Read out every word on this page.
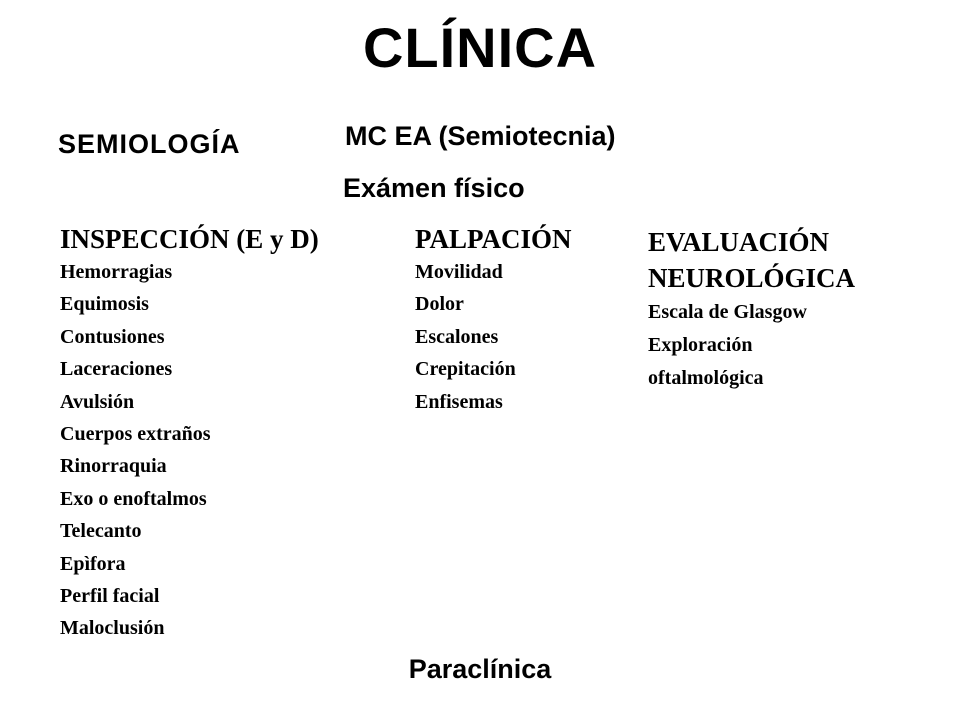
CLÍNICA
SEMIOLOGÍA	MC EA (Semiotecnia)
Exámen físico
INSPECCIÓN (E y D)
Hemorragias
Equimosis
Contusiones
Laceraciones
Avulsión
Cuerpos extraños
Rinorraquia
Exo o enoftalmos
Telecanto
Epìfora
Perfil facial
Maloclusión
PALPACIÓN
Movilidad
Dolor
Escalones
Crepitación
Enfisemas
EVALUACIÓN
NEUROLÓGICA
Escala de Glasgow
Exploración
oftalmológica
Paraclínica
